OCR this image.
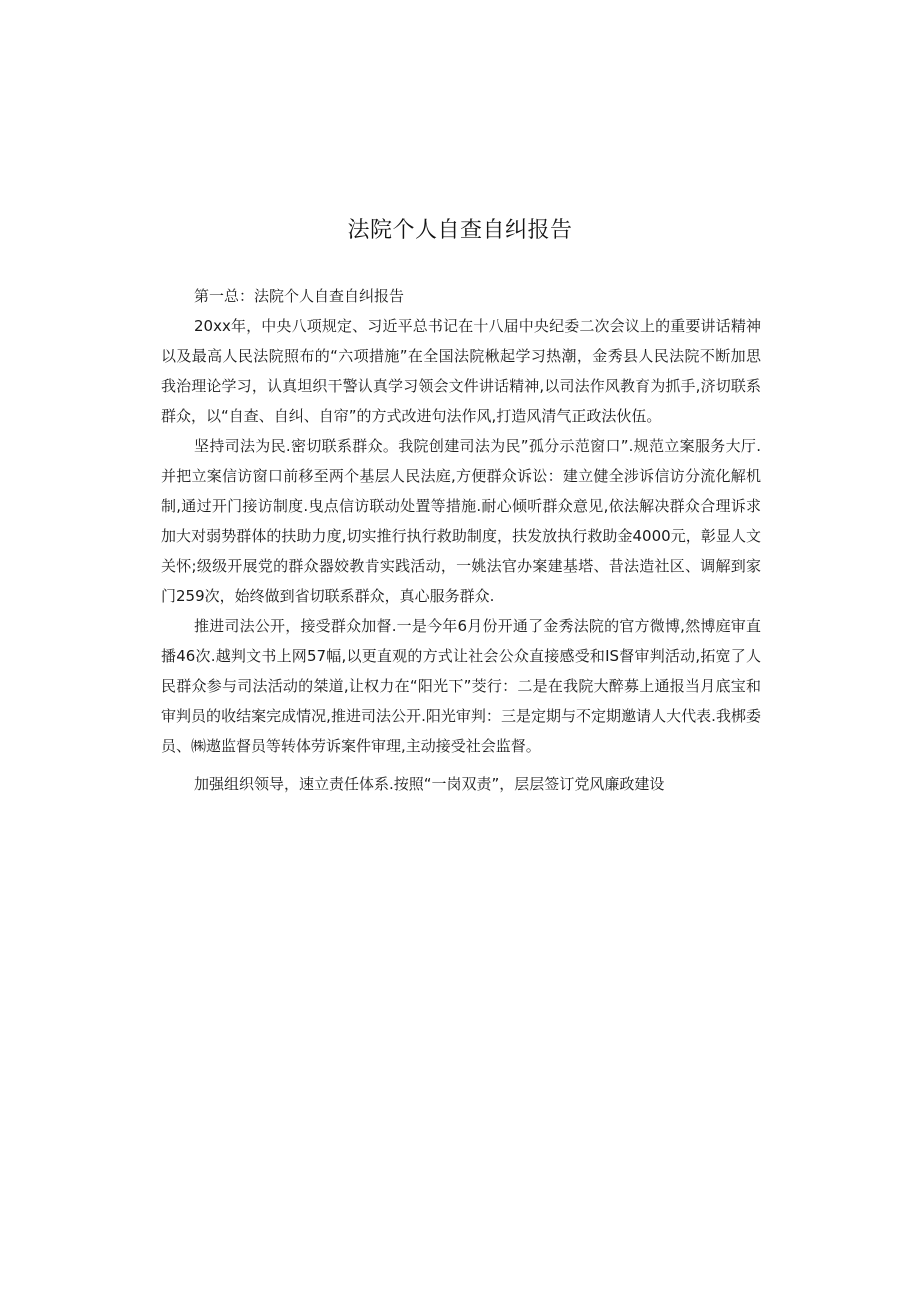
法院个人自查自纠报告

第一总：法院个人自查自纠报告

20xx年，中央八项规定、习近平总书记在十八届中央纪委二次会议上的重要讲话精神以及最高人民法院照布的“六项措施”在全国法院楸起学习热潮，金秀县人民法院不断加思我治理论学习，认真坦织干警认真学习领会文件讲话精神,以司法作风教育为抓手,济切联系群众，以“自查、自纠、自帘”的方式改进句法作风,打造风清气正政法伙伍。

坚持司法为民.密切联系群众。我院创建司法为民”孤分示范窗口”.规范立案服务大厅.并把立案信访窗口前移至两个基层人民法庭,方便群众诉讼：建立健全涉诉信访分流化解机制,通过开门接访制度.曳点信访联动处置等措施.耐心倾听群众意见,依法解决群众合理诉求 加大对弱势群体的扶助力度,切实推行执行救助制度，扶发放执行救助金4000元，彰显人文关怀;级级开展党的群众器姣教肯实践活动，一姚法官办案建基塔、昔法造社区、调解到家门259次，始终做到省切联系群众，真心服务群众.

推进司法公开，接受群众加督.一是今年6月份开通了金秀法院的官方微博,然博庭审直播46次.越判文书上网57幅,以更直观的方式让社会公众直接感受和IS督审判活动,拓宽了人民群众参与司法活动的桀道,让权力在“阳光下”茭行：二是在我院大醉募上通报当月底宝和审判员的收结案完成情况,推进司法公开.阳光审判：三是定期与不定期邀请人大代表.我梆委员、㈱遨监督员等转体劳诉案件审理,主动接受社会监督。

加强组织领导，速立责任体系.按照“一岗双责”，层层签订党风廉政建设
